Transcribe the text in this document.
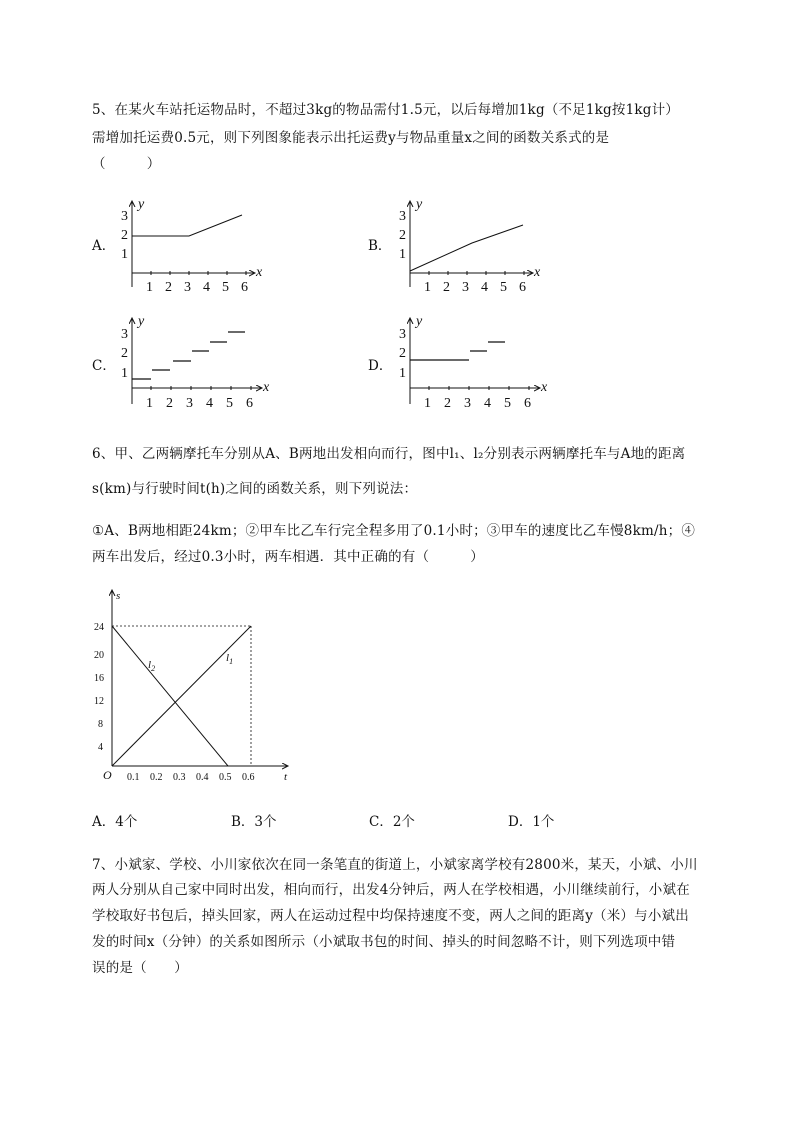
5、在某火车站托运物品时，不超过3kg的物品需付1.5元，以后每增加1kg（不足1kg按1kg计）
需增加托运费0.5元，则下列图象能表示出托运费y与物品重量x之间的函数关系式的是
（　　　）
A．	B．
C．	D．
x
y
1 2 3 4 5 6
1
2
3
x
y
1 2 3 4 5 6
1
2
3
x
y
1 2 3 4 5 6
1
2
3
x
y
1 2 3 4 5 6
1
2
3
6、甲、乙两辆摩托车分别从A、B两地出发相向而行，图中l₁、l₂分别表示两辆摩托车与A地的距离
s(km)与行驶时间t(h)之间的函数关系，则下列说法：
①A、B两地相距24km；②甲车比乙车行完全程多用了0.1小时；③甲车的速度比乙车慢8km/h；④
两车出发后，经过0.3小时，两车相遇．其中正确的有（　　　）
s
t
O
4
8
12
16
20
24
0.1 0.2 0.3 0.4 0.5 0.6
$l_1$
$l_2$
A．4个	B．3个	C．2个	D．1个
7、小斌家、学校、小川家依次在同一条笔直的街道上，小斌家离学校有2800米，某天，小斌、小川
两人分别从自己家中同时出发，相向而行，出发4分钟后，两人在学校相遇，小川继续前行，小斌在
学校取好书包后，掉头回家，两人在运动过程中均保持速度不变，两人之间的距离y（米）与小斌出
发的时间x（分钟）的关系如图所示（小斌取书包的时间、掉头的时间忽略不计，则下列选项中错
误的是（　　）
